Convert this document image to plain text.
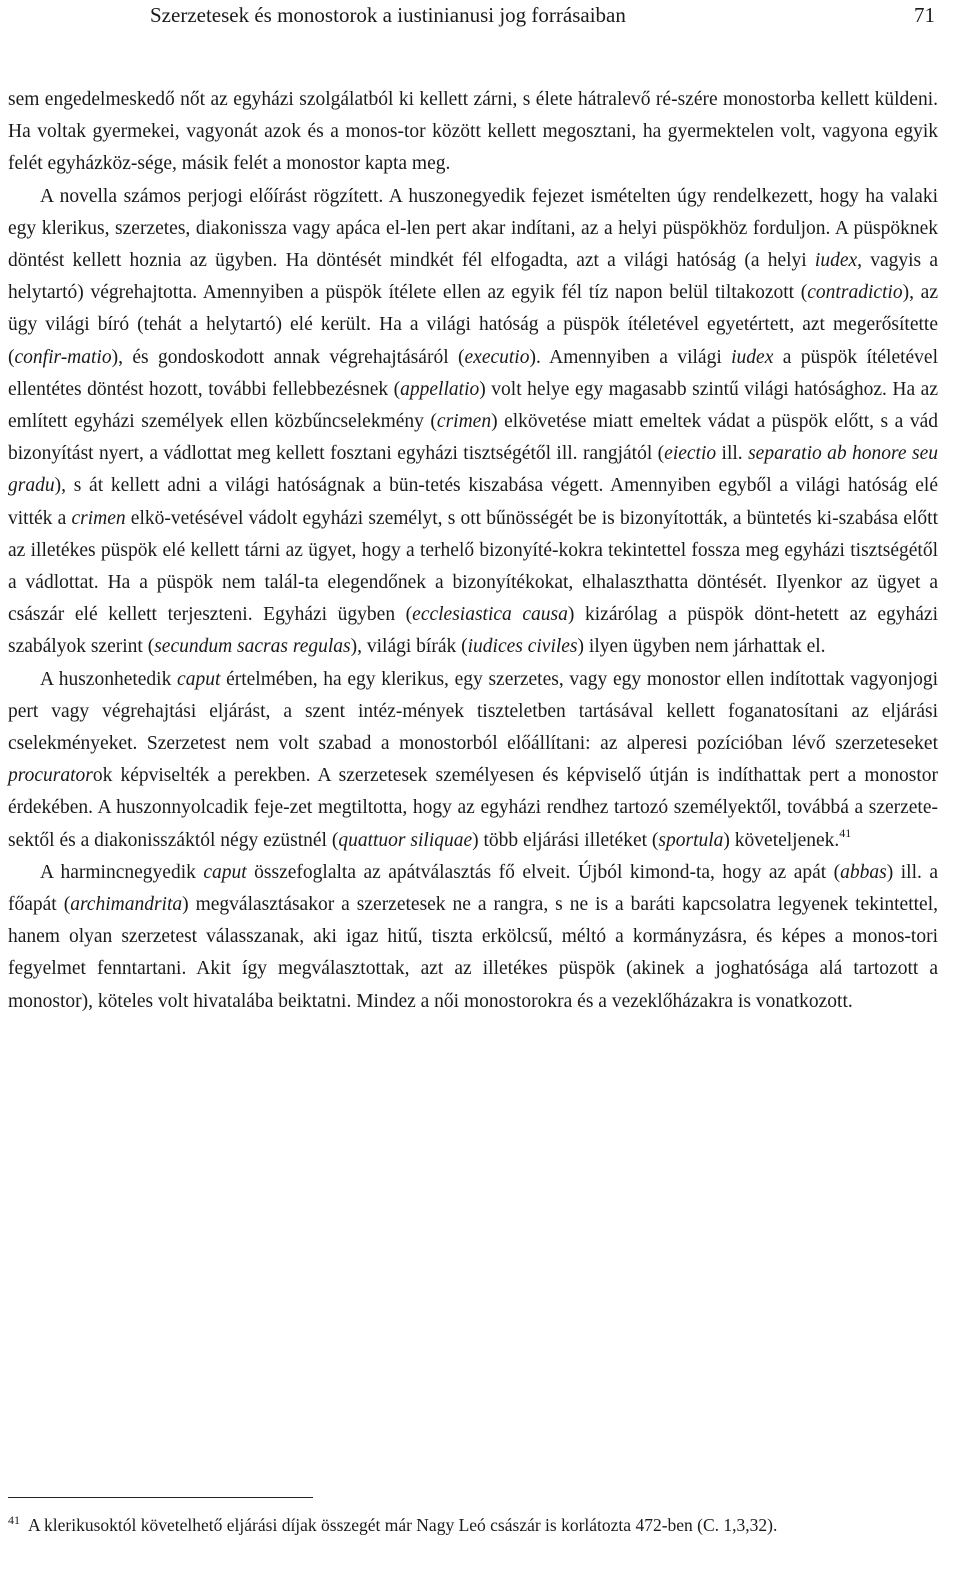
Szerzetesek és monostorok a iustinianusi jog forrásaiban	71

sem engedelmeskedő nőt az egyházi szolgálatból ki kellett zárni, s élete hátralevő ré-szére monostorba kellett küldeni. Ha voltak gyermekei, vagyonát azok és a monos-tor között kellett megosztani, ha gyermektelen volt, vagyona egyik felét egyházköz-sége, másik felét a monostor kapta meg.

A novella számos perjogi előírást rögzített. A huszonegyedik fejezet ismételten úgy rendelkezett, hogy ha valaki egy klerikus, szerzetes, diakonissza vagy apáca el-len pert akar indítani, az a helyi püspökhöz forduljon. A püspöknek döntést kellett hoznia az ügyben. Ha döntését mindkét fél elfogadta, azt a világi hatóság (a helyi iudex, vagyis a helytartó) végrehajtotta. Amennyiben a püspök ítélete ellen az egyik fél tíz napon belül tiltakozott (contradictio), az ügy világi bíró (tehát a helytartó) elé került. Ha a világi hatóság a püspök ítéletével egyetértett, azt megerősítette (confir-matio), és gondoskodott annak végrehajtásáról (executio). Amennyiben a világi iudex a püspök ítéletével ellentétes döntést hozott, további fellebbezésnek (appellatio) volt helye egy magasabb szintű világi hatósághoz. Ha az említett egyházi személyek ellen közbűncselekmény (crimen) elkövetése miatt emeltek vádat a püspök előtt, s a vád bizonyítást nyert, a vádlottat meg kellett fosztani egyházi tisztségétől ill. rangjától (eiectio ill. separatio ab honore seu gradu), s át kellett adni a világi hatóságnak a bün-tetés kiszabása végett. Amennyiben egyből a világi hatóság elé vitték a crimen elkö-vetésével vádolt egyházi személyt, s ott bűnösségét be is bizonyították, a büntetés ki-szabása előtt az illetékes püspök elé kellett tárni az ügyet, hogy a terhelő bizonyíté-kokra tekintettel fossza meg egyházi tisztségétől a vádlottat. Ha a püspök nem talál-ta elegendőnek a bizonyítékokat, elhalaszthatta döntését. Ilyenkor az ügyet a császár elé kellett terjeszteni. Egyházi ügyben (ecclesiastica causa) kizárólag a püspök dönt-hetett az egyházi szabályok szerint (secundum sacras regulas), világi bírák (iudices civiles) ilyen ügyben nem járhattak el.

A huszonhetedik caput értelmében, ha egy klerikus, egy szerzetes, vagy egy monostor ellen indítottak vagyonjogi pert vagy végrehajtási eljárást, a szent intéz-mények tiszteletben tartásával kellett foganatosítani az eljárási cselekményeket. Szerzetest nem volt szabad a monostorból előállítani: az alperesi pozícióban lévő szerzeteseket procuratorok képviselték a perekben. A szerzetesek személyesen és képviselő útján is indíthattak pert a monostor érdekében. A huszonnyolcadik feje-zet megtiltotta, hogy az egyházi rendhez tartozó személyektől, továbbá a szerzete-sektől és a diakonisszáktól négy ezüstnél (quattuor siliquae) több eljárási illetéket (sportula) követeljenek.$^{41}$

A harmincnegyedik caput összefoglalta az apátválasztás fő elveit. Újból kimond-ta, hogy az apát (abbas) ill. a főapát (archimandrita) megválasztásakor a szerzetesek ne a rangra, s ne is a baráti kapcsolatra legyenek tekintettel, hanem olyan szerzetest válasszanak, aki igaz hitű, tiszta erkölcsű, méltó a kormányzásra, és képes a monos-tori fegyelmet fenntartani. Akit így megválasztottak, azt az illetékes püspök (akinek a joghatósága alá tartozott a monostor), köteles volt hivatalába beiktatni. Mindez a női monostorokra és a vezeklőházakra is vonatkozott.

$^{41}$ A klerikusoktól követelhető eljárási díjak összegét már Nagy Leó császár is korlátozta 472-ben (C. 1,3,32).
